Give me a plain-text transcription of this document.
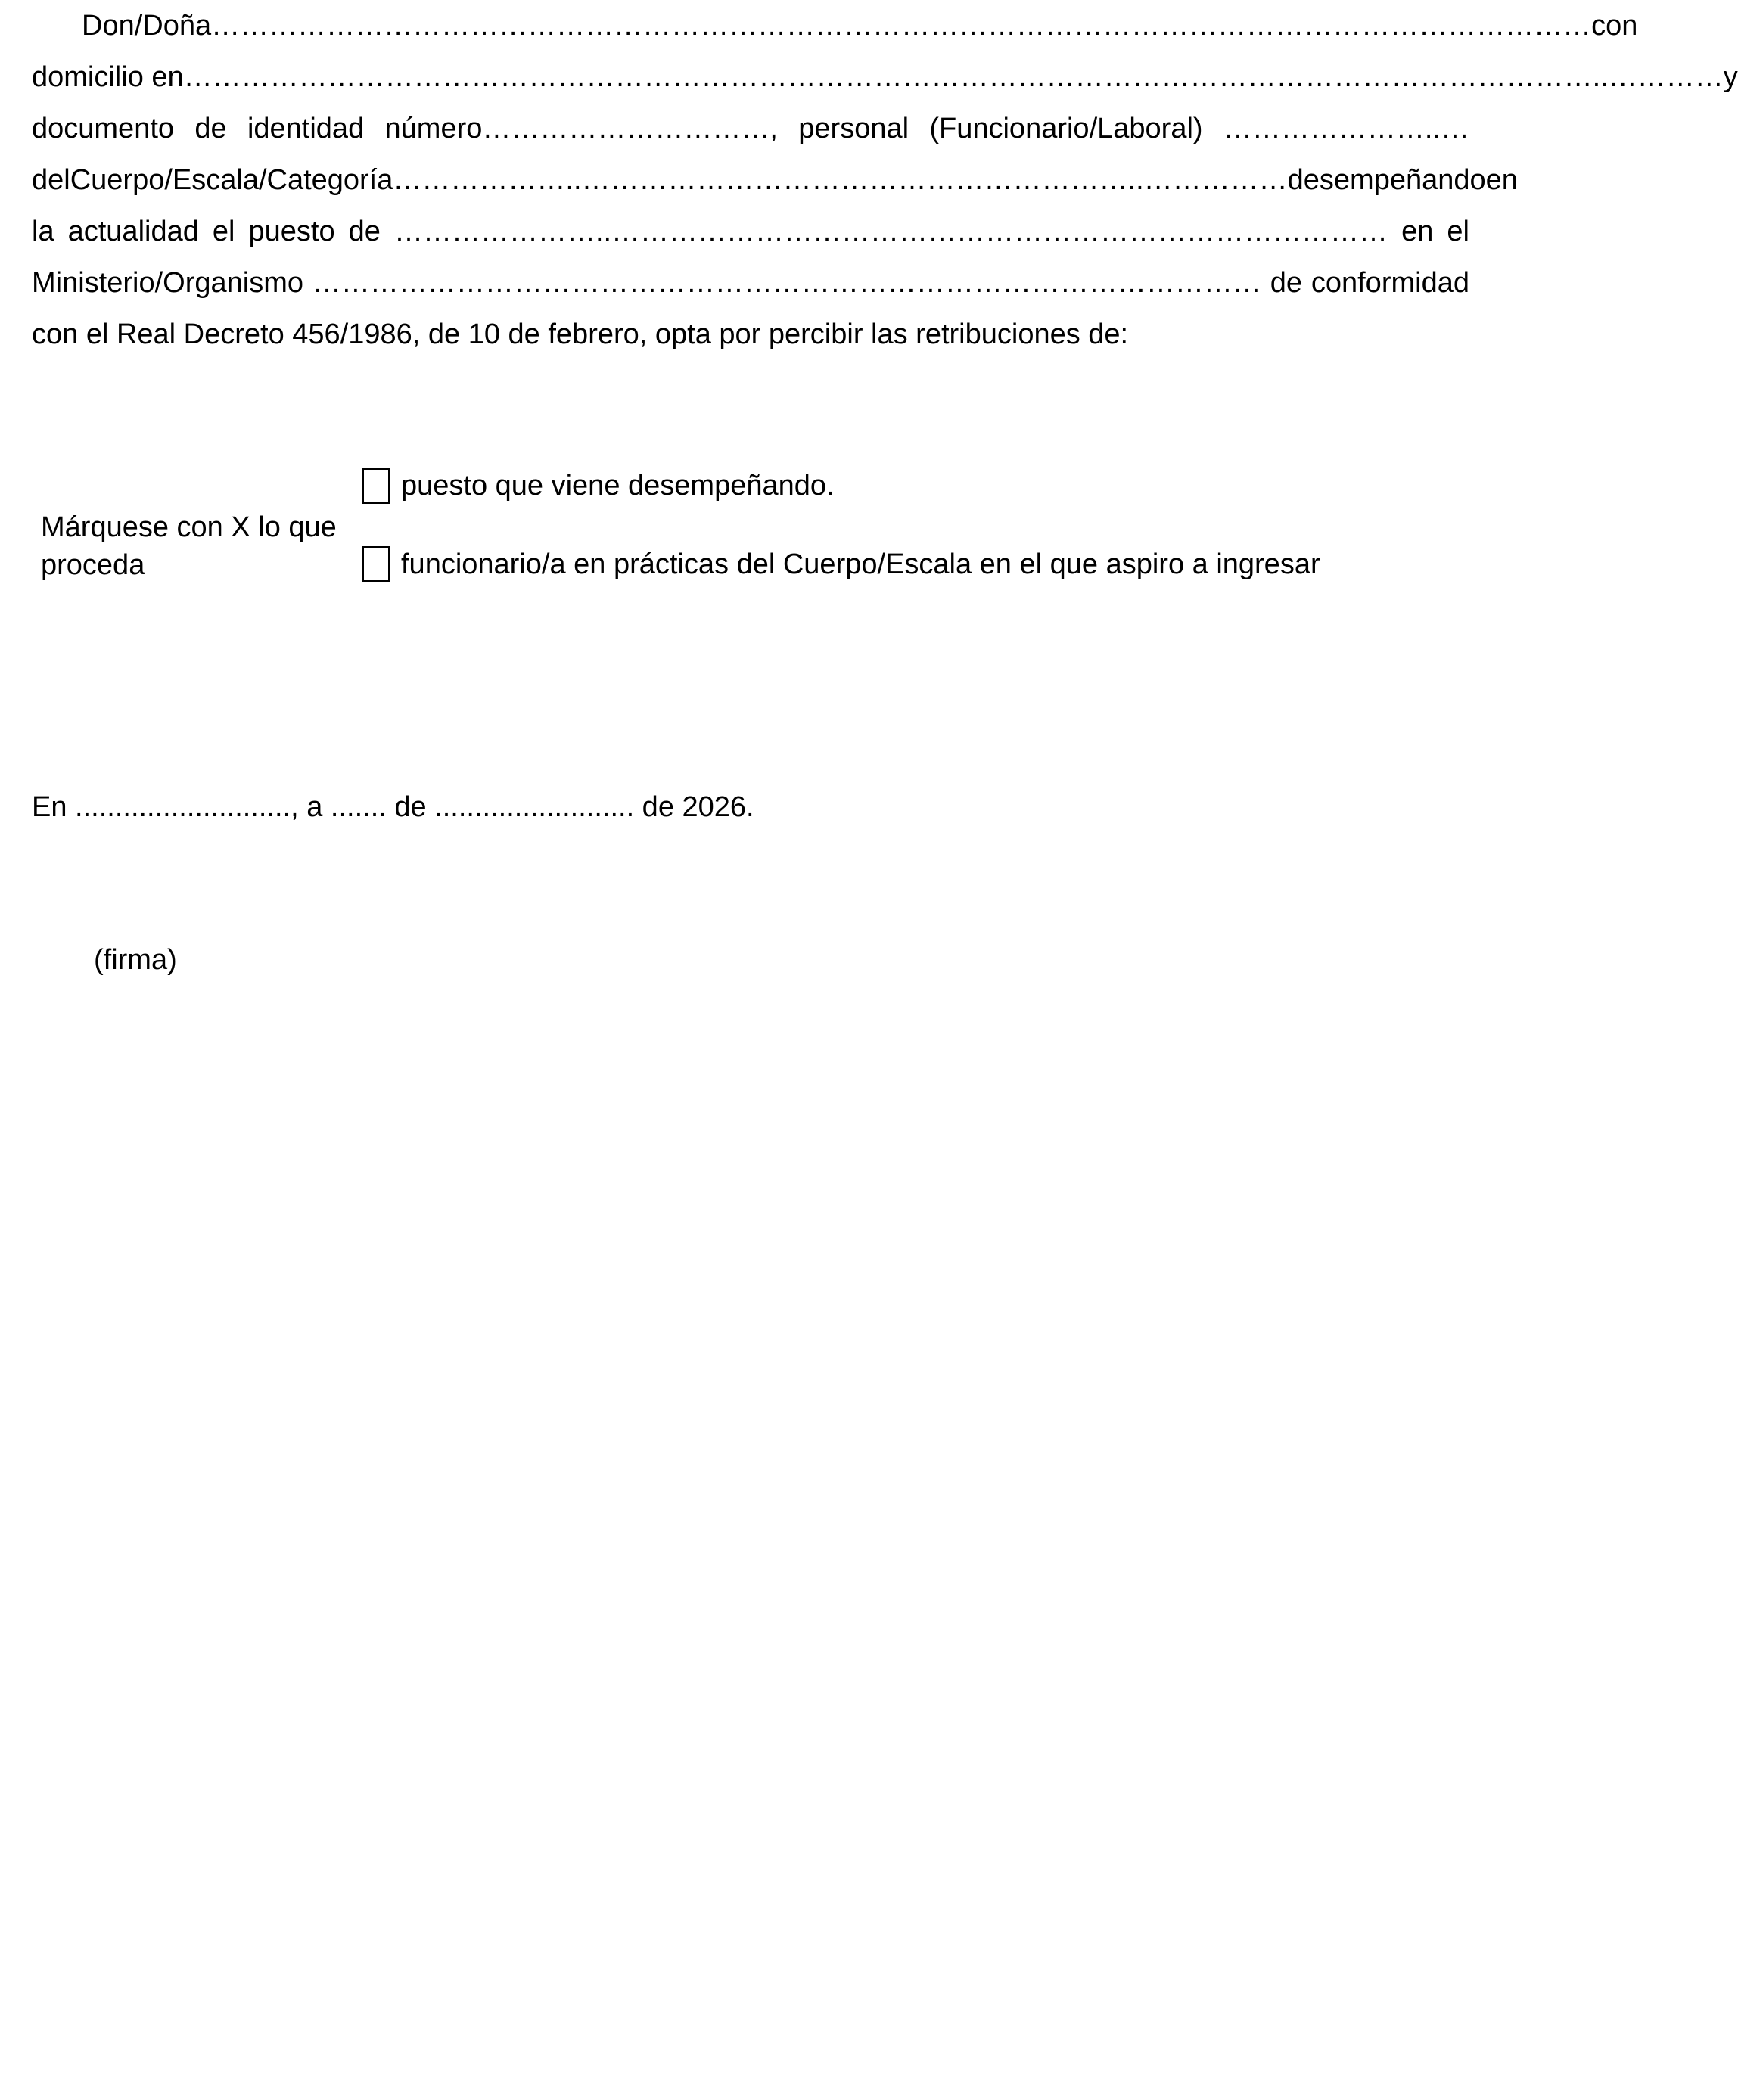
Don/Doña ……………………………………………………………………………………………………………………………… con
domicilio en …………………………………………………………………………………………………………………………………..………… y
documento de identidad número…………………………, personal (Funcionario/Laboral) …………………..…
del Cuerpo/Escala/Categoría ………………..…………………………………………………..…………… desempeñando en
la actualidad el puesto de …………………..……………………………………………………………………… en el
Ministerio/Organismo ……………………………………………………………………………………… de conformidad
con el Real Decreto 456/1986, de 10 de febrero, opta por percibir las retribuciones de:
Márquese con X lo que
proceda
puesto que viene desempeñando.
funcionario/a en prácticas del Cuerpo/Escala en el que aspiro a ingresar
En ..........................., a ....... de ......................... de 2026.
(firma)
